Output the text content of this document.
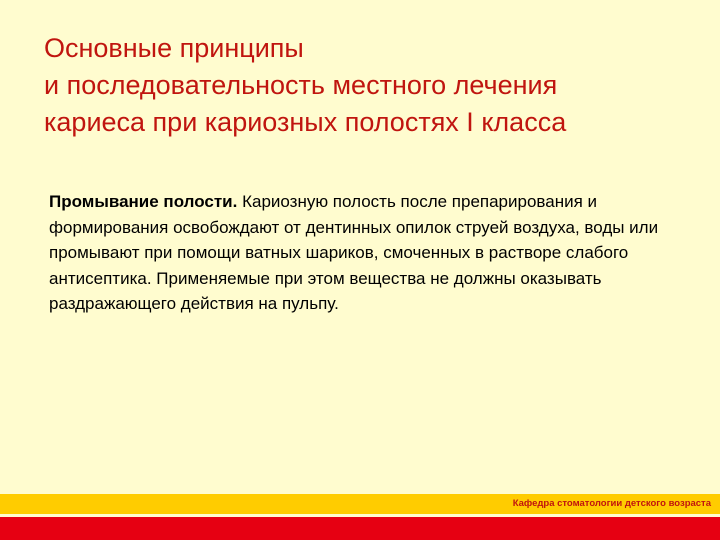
Основные принципы
и последовательность местного лечения
кариеса при кариозных полостях I класса

Промывание полости. Кариозную полость после препарирования и формирования освобождают от дентинных опилок струей воздуха, воды или промывают при помощи ватных шариков, смоченных в растворе слабого антисептика. Применяемые при этом вещества не должны оказывать раздражающего действия на пульпу.

Кафедра стоматологии детского возраста
